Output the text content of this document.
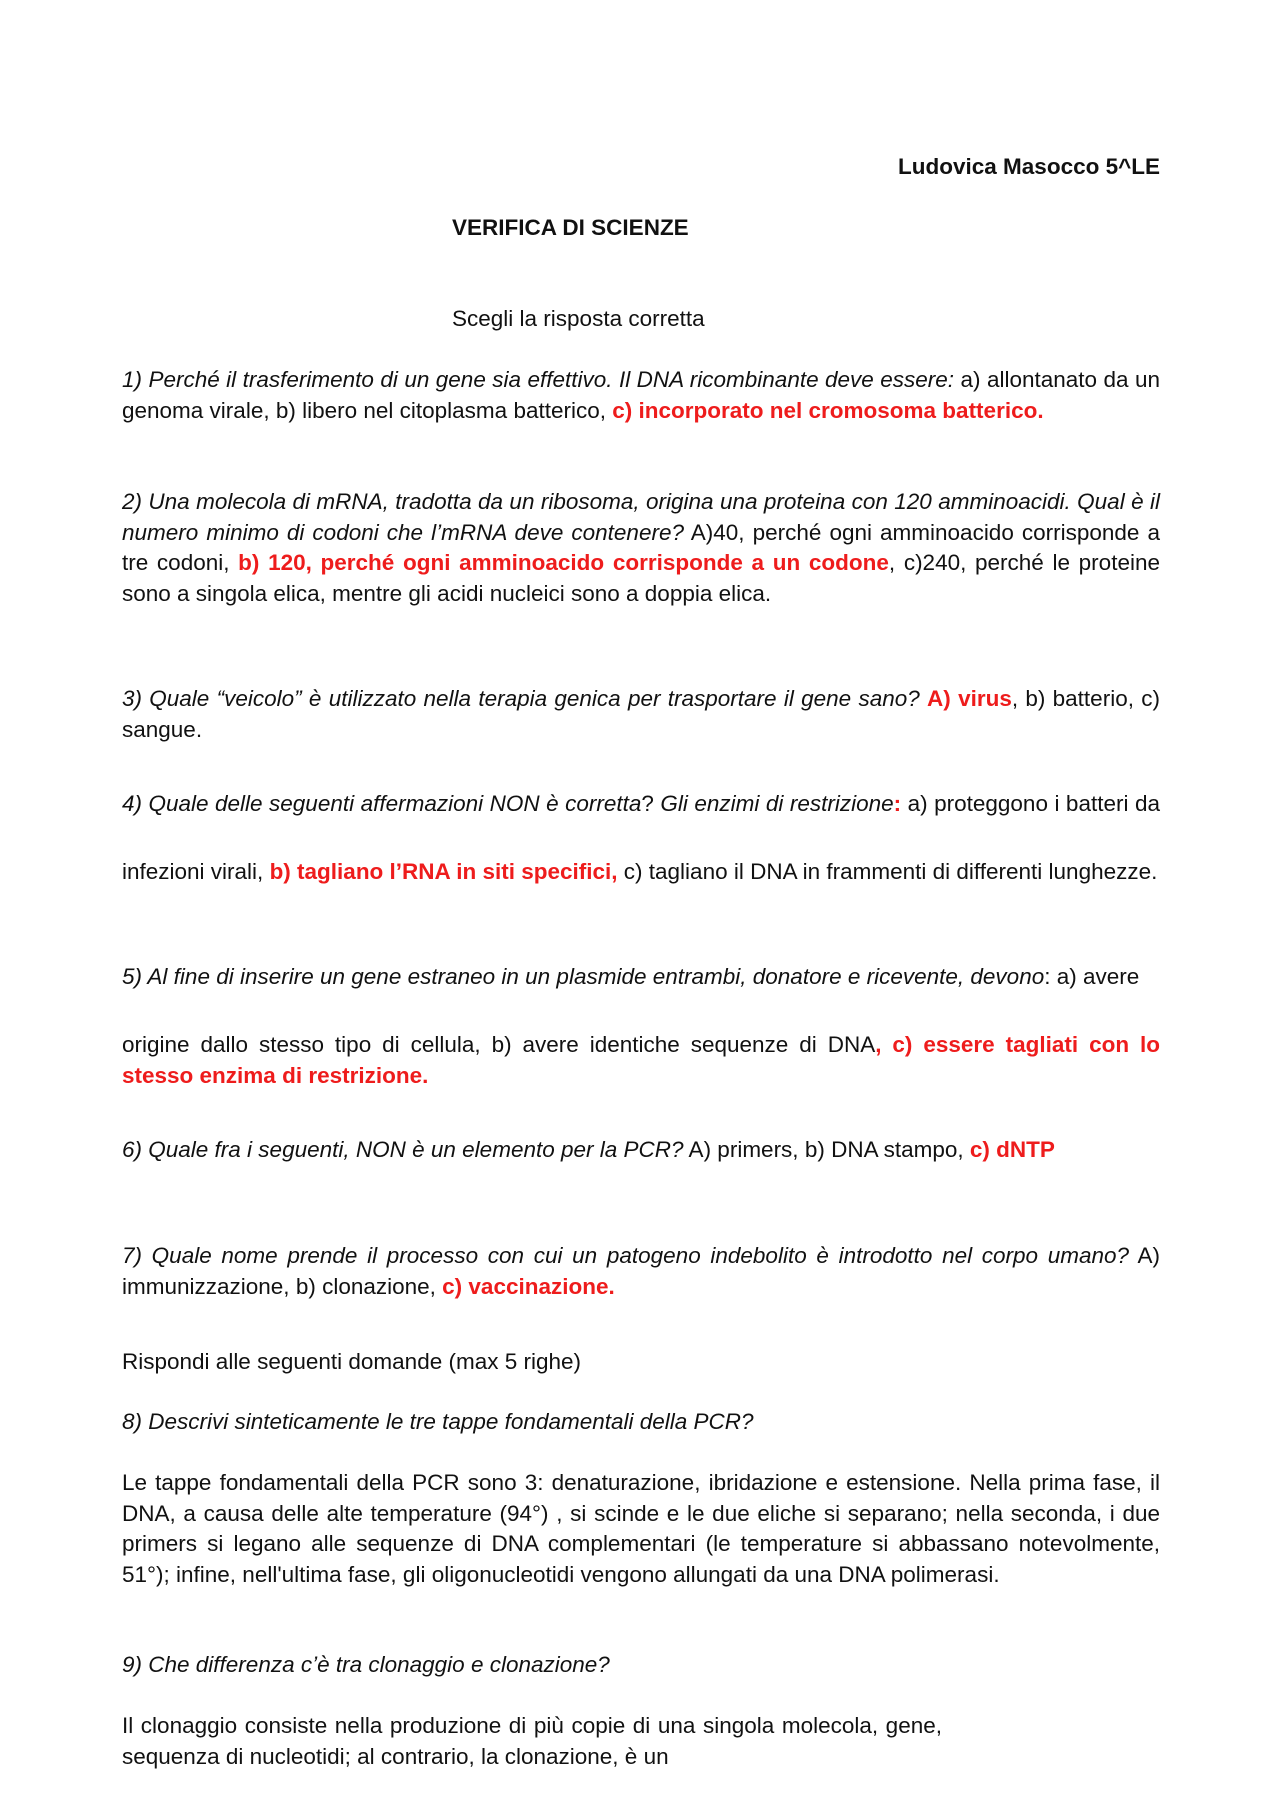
Ludovica Masocco 5^LE

VERIFICA DI SCIENZE

Scegli la risposta corretta

1) Perché il trasferimento di un gene sia effettivo. Il DNA ricombinante deve essere: a) allontanato da un genoma virale, b) libero nel citoplasma batterico, c) incorporato nel cromosoma batterico.

2) Una molecola di mRNA, tradotta da un ribosoma, origina una proteina con 120 amminoacidi. Qual è il numero minimo di codoni che l’mRNA deve contenere? A)40, perché ogni amminoacido corrisponde a tre codoni, b) 120, perché ogni amminoacido corrisponde a un codone, c)240, perché le proteine sono a singola elica, mentre gli acidi nucleici sono a doppia elica.

3) Quale “veicolo” è utilizzato nella terapia genica per trasportare il gene sano? A) virus, b) batterio, c) sangue.

4) Quale delle seguenti affermazioni NON è corretta? Gli enzimi di restrizione: a) proteggono i batteri da

infezioni virali, b) tagliano l’RNA in siti specifici, c) tagliano il DNA in frammenti di differenti lunghezze.

5) Al fine di inserire un gene estraneo in un plasmide entrambi, donatore e ricevente, devono: a) avere

origine dallo stesso tipo di cellula, b) avere identiche sequenze di DNA, c) essere tagliati con lo stesso enzima di restrizione.

6) Quale fra i seguenti, NON è un elemento per la PCR? A) primers, b) DNA stampo, c) dNTP

7) Quale nome prende il processo con cui un patogeno indebolito è introdotto nel corpo umano? A) immunizzazione, b) clonazione, c) vaccinazione.

Rispondi alle seguenti domande (max 5 righe)

8) Descrivi sinteticamente le tre tappe fondamentali della PCR?

Le tappe fondamentali della PCR sono 3: denaturazione, ibridazione e estensione. Nella prima fase, il DNA, a causa delle alte temperature (94°) , si scinde e le due eliche si separano; nella seconda, i due primers si legano alle sequenze di DNA complementari (le temperature si abbassano notevolmente, 51°); infine, nell'ultima fase, gli oligonucleotidi vengono allungati da una DNA polimerasi.

9) Che differenza c’è tra clonaggio e clonazione?

Il clonaggio consiste nella produzione di più copie di una singola molecola, gene, sequenza di nucleotidi; al contrario, la clonazione, è un
